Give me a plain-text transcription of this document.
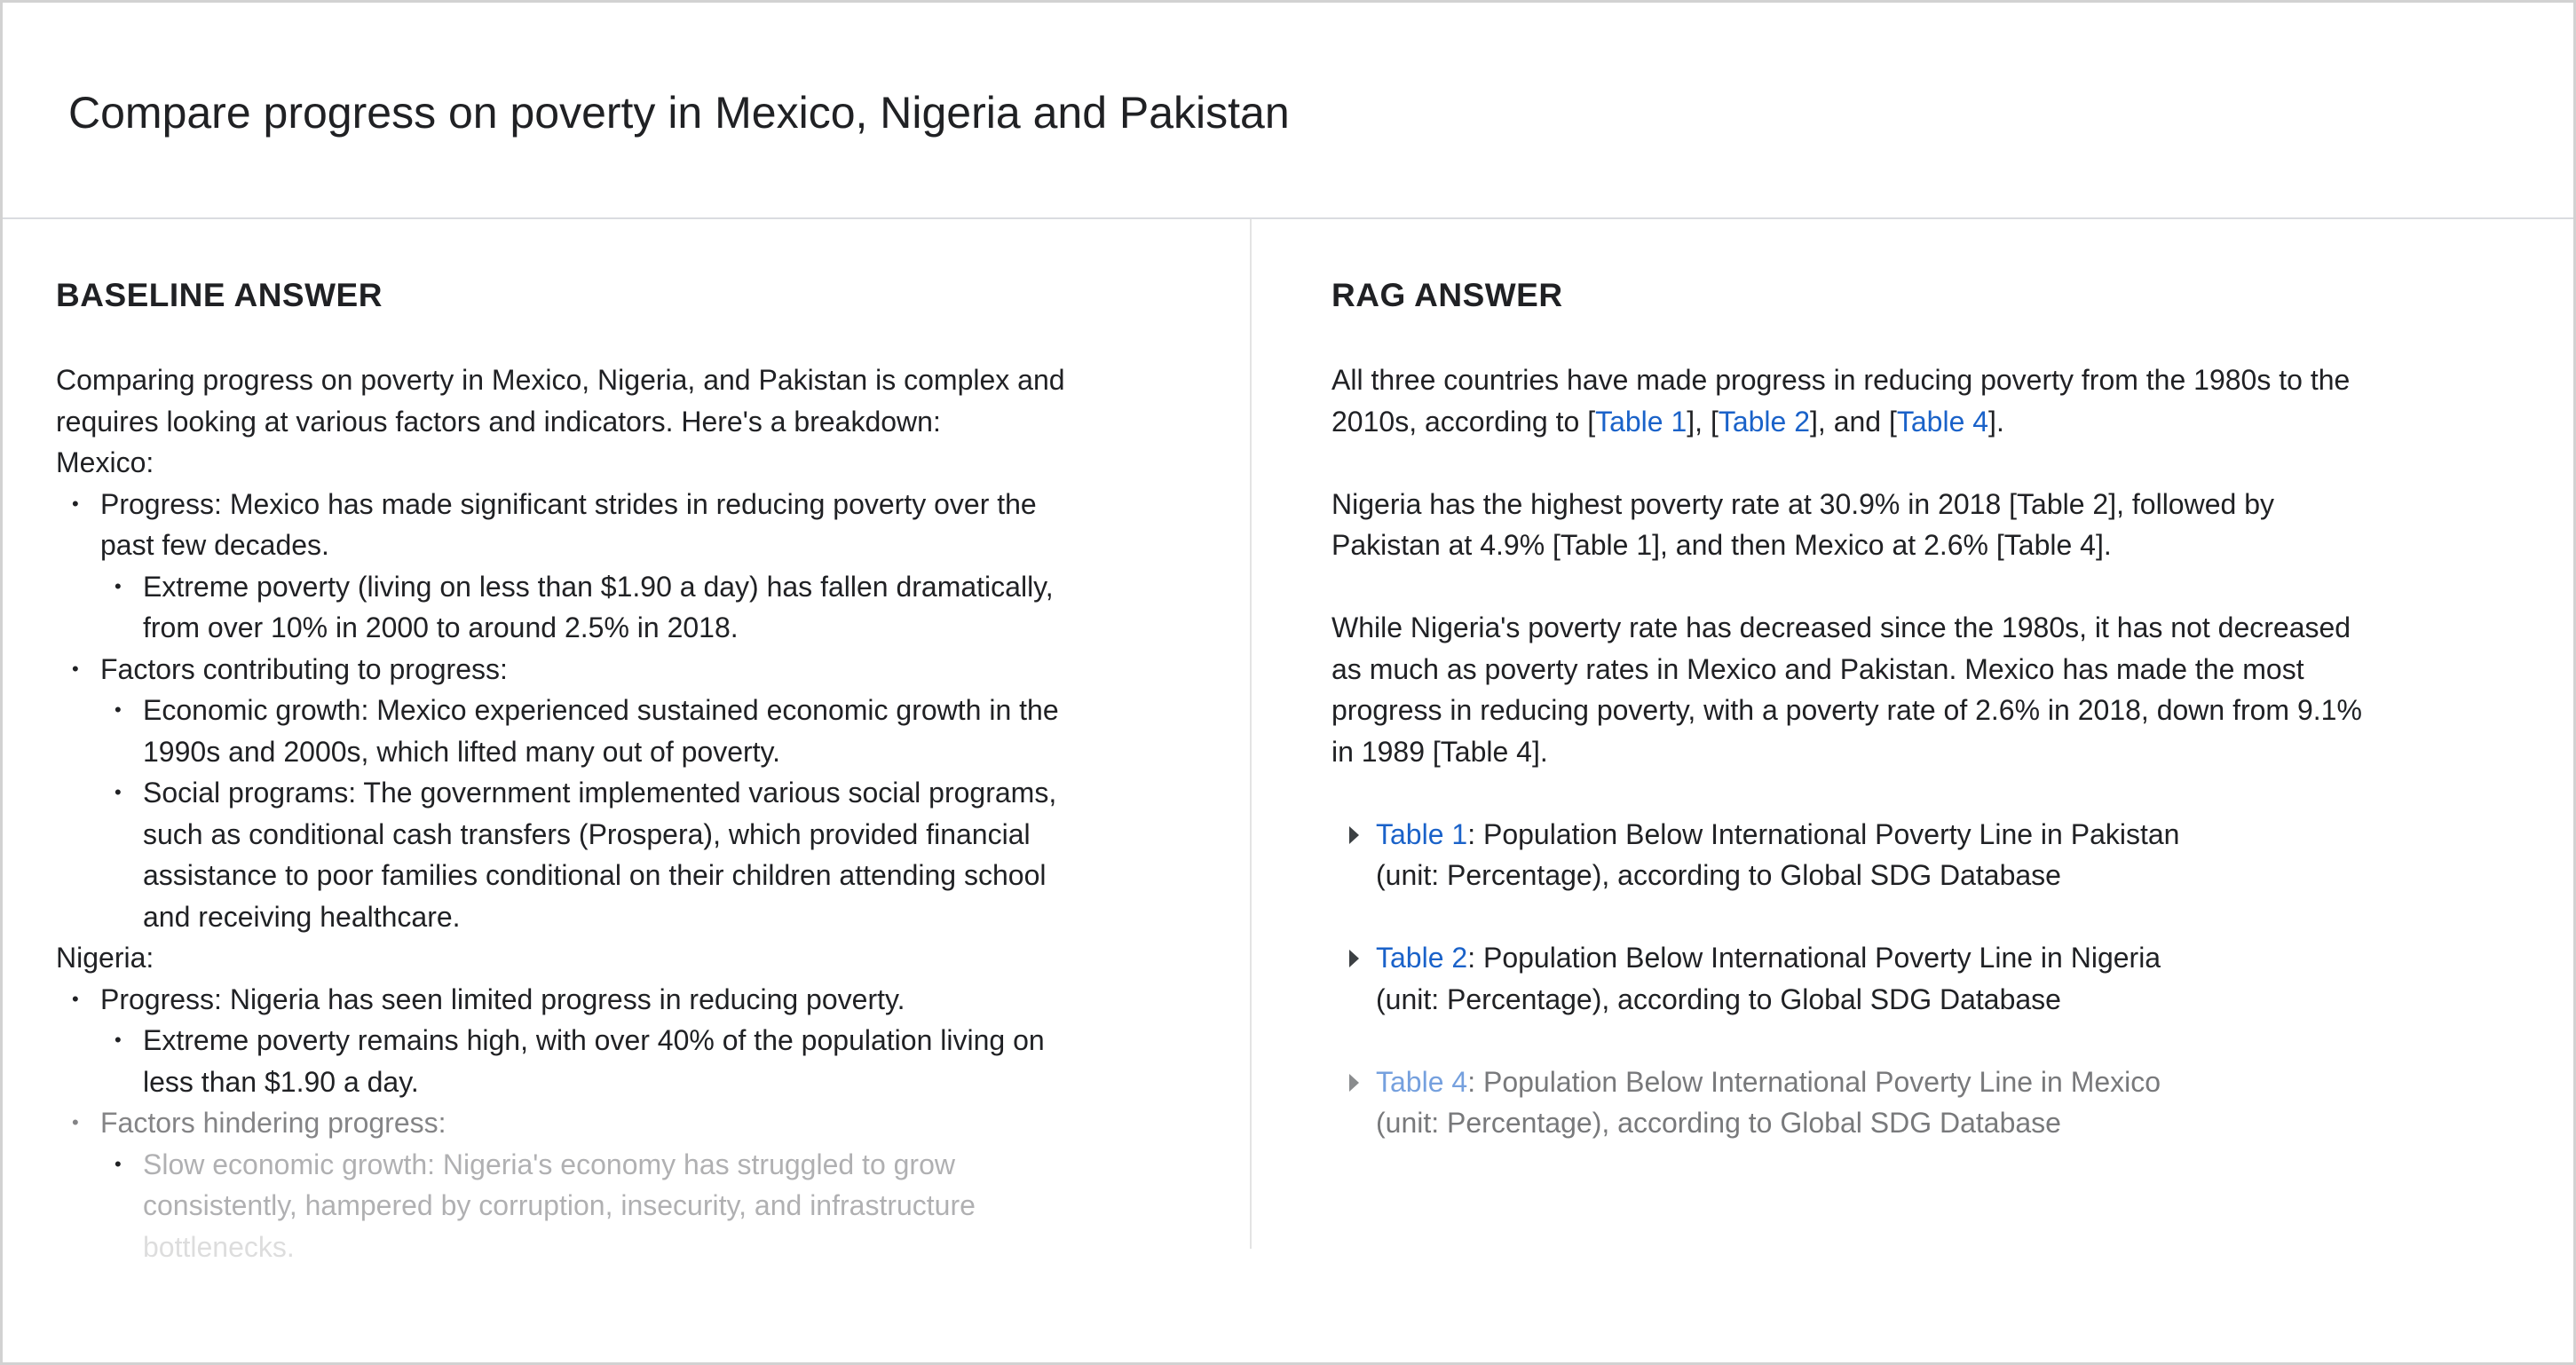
Compare progress on poverty in Mexico, Nigeria and Pakistan
BASELINE ANSWER

Comparing progress on poverty in Mexico, Nigeria, and Pakistan is complex and

requires looking at various factors and indicators. Here's a breakdown:

Mexico:

• Progress: Mexico has made significant strides in reducing poverty over the
past few decades.
• Extreme poverty (living on less than $1.90 a day) has fallen dramatically,
from over 10% in 2000 to around 2.5% in 2018.
• Factors contributing to progress:
• Economic growth: Mexico experienced sustained economic growth in the
1990s and 2000s, which lifted many out of poverty.
• Social programs: The government implemented various social programs,
such as conditional cash transfers (Prospera), which provided financial
assistance to poor families conditional on their children attending school
and receiving healthcare.

Nigeria:

• Progress: Nigeria has seen limited progress in reducing poverty.
• Extreme poverty remains high, with over 40% of the population living on
less than $1.90 a day.
• Factors hindering progress:
• Slow economic growth: Nigeria's economy has struggled to grow
consistently, hampered by corruption, insecurity, and infrastructure
bottlenecks.
RAG ANSWER

All three countries have made progress in reducing poverty from the 1980s to the

2010s, according to [Table 1], [Table 2], and [Table 4].

Nigeria has the highest poverty rate at 30.9% in 2018 [Table 2], followed by

Pakistan at 4.9% [Table 1], and then Mexico at 2.6% [Table 4].

While Nigeria's poverty rate has decreased since the 1980s, it has not decreased

as much as poverty rates in Mexico and Pakistan. Mexico has made the most

progress in reducing poverty, with a poverty rate of 2.6% in 2018, down from 9.1%

in 1989 [Table 4].

Table 1: Population Below International Poverty Line in Pakistan
(unit: Percentage), according to Global SDG Database
Table 2: Population Below International Poverty Line in Nigeria
(unit: Percentage), according to Global SDG Database
Table 4: Population Below International Poverty Line in Mexico
(unit: Percentage), according to Global SDG Database
